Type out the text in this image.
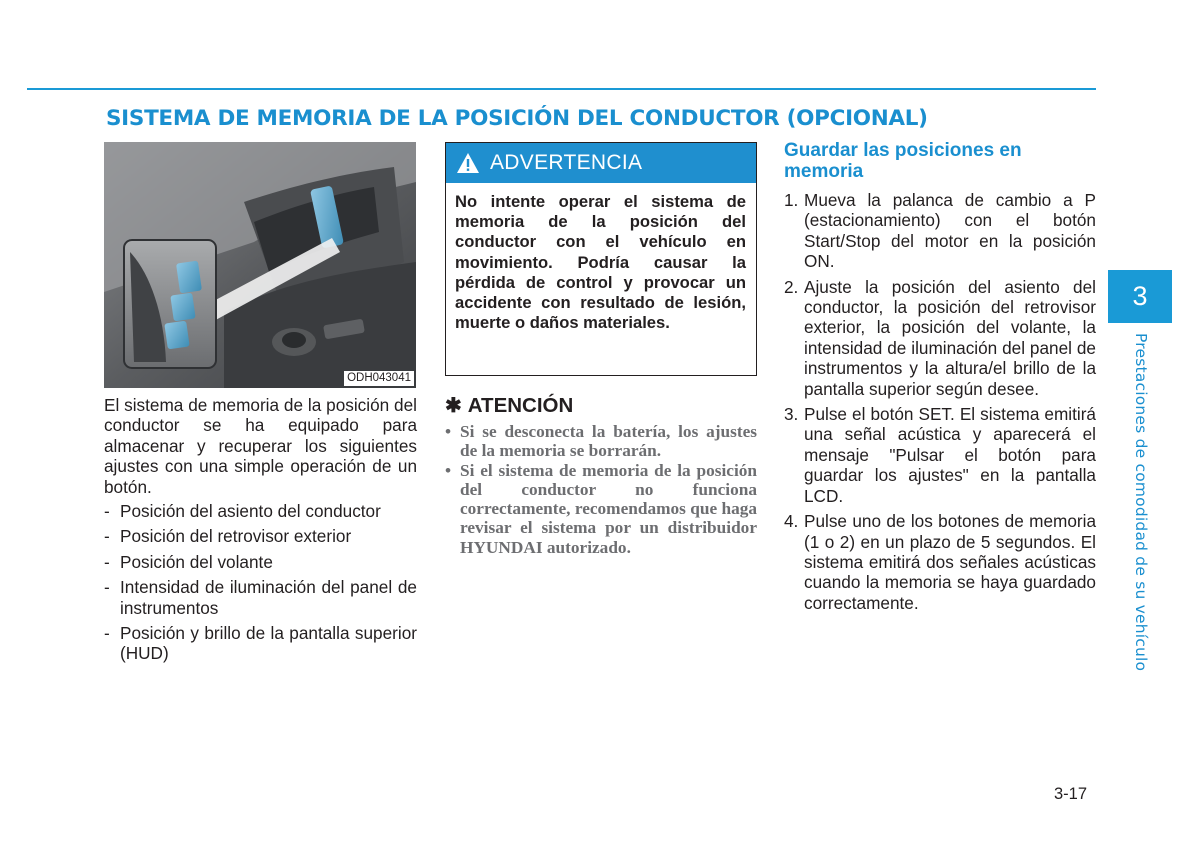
SISTEMA DE MEMORIA DE LA POSICIÓN DEL CONDUCTOR (OPCIONAL)
ODH043041

El sistema de memoria de la posición del conductor se ha equipado para almacenar y recuperar los siguientes ajustes con una simple operación de un botón.

- Posición del asiento del conductor
- Posición del retrovisor exterior
- Posición del volante
- Intensidad de iluminación del panel de instrumentos
- Posición y brillo de la pantalla superior (HUD)
ADVERTENCIA

No intente operar el sistema de memoria de la posición del conductor con el vehículo en movimiento. Podría causar la pérdida de control y provocar un accidente con resultado de lesión, muerte o daños materiales.

✱ ATENCIÓN
• Si se desconecta la batería, los ajustes de la memoria se borrarán.
• Si el sistema de memoria de la posición del conductor no funciona correctamente, recomendamos que haga revisar el sistema por un distribuidor HYUNDAI autorizado.
Guardar las posiciones en memoria
1. Mueva la palanca de cambio a P (estacionamiento) con el botón Start/Stop del motor en la posición ON.
2. Ajuste la posición del asiento del conductor, la posición del retrovisor exterior, la posición del volante, la intensidad de iluminación del panel de instrumentos y la altura/el brillo de la pantalla superior según desee.
3. Pulse el botón SET. El sistema emitirá una señal acústica y aparecerá el mensaje "Pulsar el botón para guardar los ajustes" en la pantalla LCD.
4. Pulse uno de los botones de memoria (1 o 2) en un plazo de 5 segundos. El sistema emitirá dos señales acústicas cuando la memoria se haya guardado correctamente.
3
Prestaciones de comodidad de su vehículo
3-17
